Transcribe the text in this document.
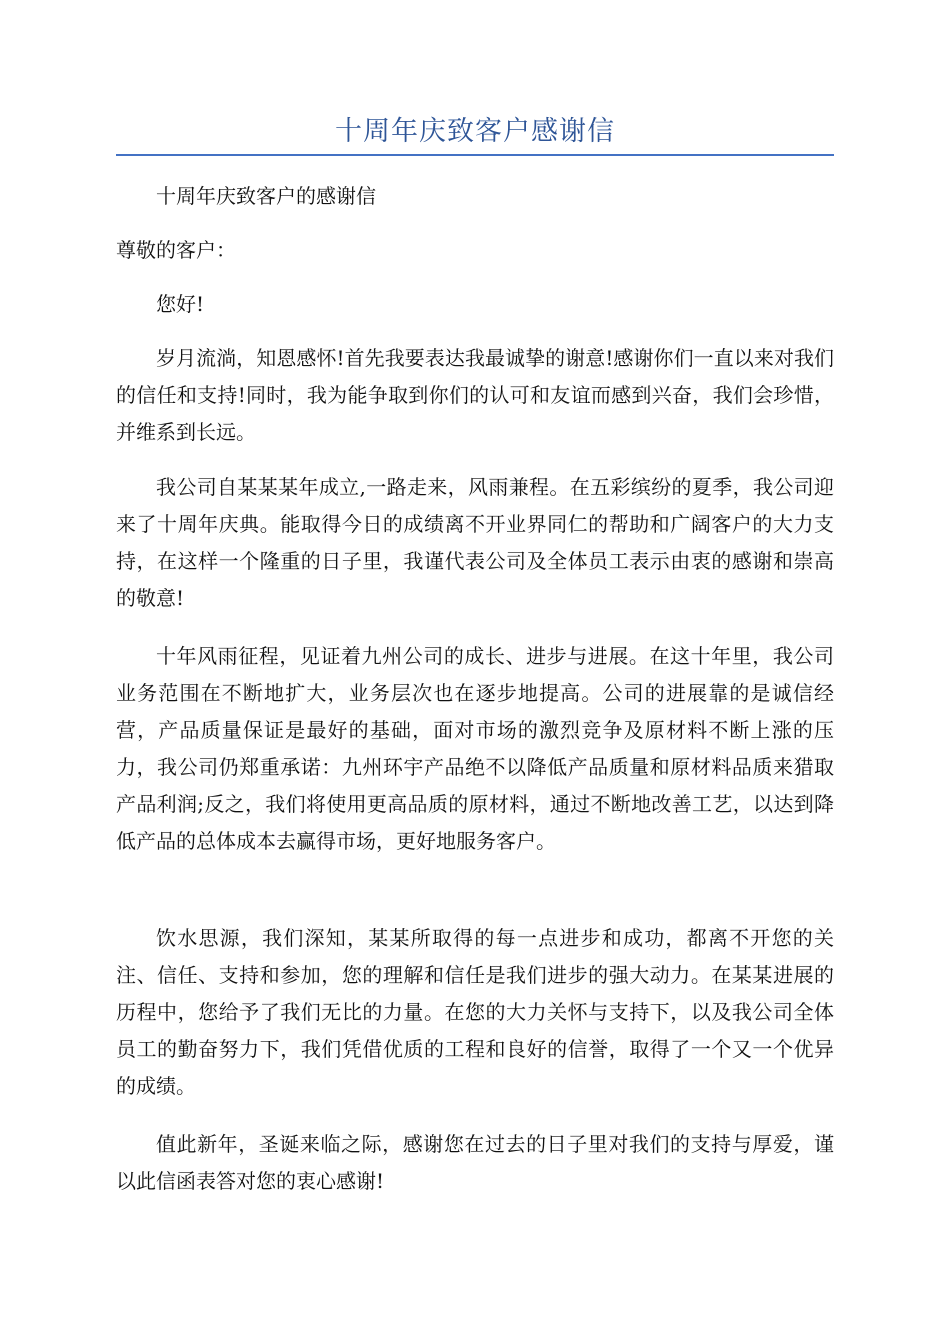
十周年庆致客户感谢信
十周年庆致客户的感谢信
尊敬的客户：
您好!
岁月流淌，知恩感怀!首先我要表达我最诚挚的谢意!感谢你们一直以来对我们的信任和支持!同时，我为能争取到你们的认可和友谊而感到兴奋，我们会珍惜，并维系到长远。
我公司自某某某年成立,一路走来，风雨兼程。在五彩缤纷的夏季，我公司迎来了十周年庆典。能取得今日的成绩离不开业界同仁的帮助和广阔客户的大力支持，在这样一个隆重的日子里，我谨代表公司及全体员工表示由衷的感谢和崇高的敬意!
十年风雨征程，见证着九州公司的成长、进步与进展。在这十年里，我公司业务范围在不断地扩大，业务层次也在逐步地提高。公司的进展靠的是诚信经营，产品质量保证是最好的基础，面对市场的激烈竞争及原材料不断上涨的压力，我公司仍郑重承诺：九州环宇产品绝不以降低产品质量和原材料品质来猎取产品利润;反之，我们将使用更高品质的原材料，通过不断地改善工艺，以达到降低产品的总体成本去赢得市场，更好地服务客户。
饮水思源，我们深知，某某所取得的每一点进步和成功，都离不开您的关注、信任、支持和参加，您的理解和信任是我们进步的强大动力。在某某进展的历程中，您给予了我们无比的力量。在您的大力关怀与支持下，以及我公司全体员工的勤奋努力下，我们凭借优质的工程和良好的信誉，取得了一个又一个优异的成绩。
值此新年，圣诞来临之际，感谢您在过去的日子里对我们的支持与厚爱，谨以此信函表答对您的衷心感谢!
